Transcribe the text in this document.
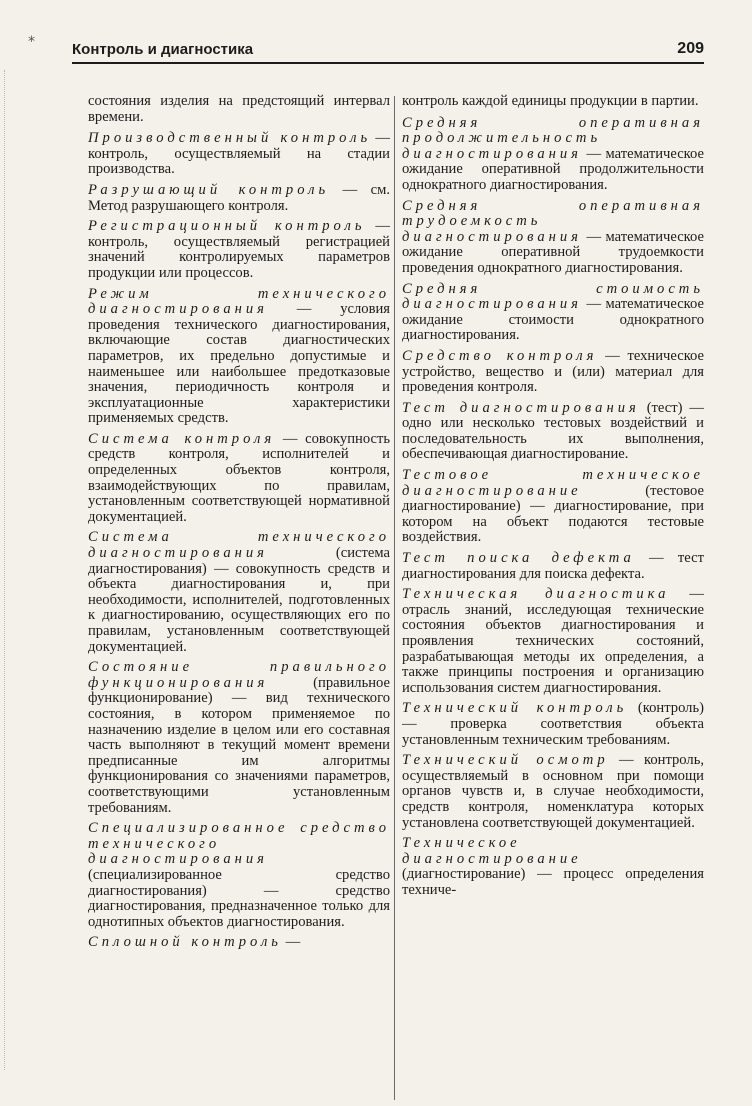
* Контроль и диагностика	209

состояния изделия на предстоящий интервал времени.

Производственный контроль — контроль, осуществляемый на стадии производства.

Разрушающий контроль — см. Метод разрушающего контроля.

Регистрационный контроль — контроль, осуществляемый регистрацией значений контролируемых параметров продукции или процессов.

Режим технического диагностирования — условия проведения технического диагностирования, включающие состав диагностических параметров, их предельно допустимые и наименьшее или наибольшее предотказовые значения, периодичность контроля и эксплуатационные характеристики применяемых средств.

Система контроля — совокупность средств контроля, исполнителей и определенных объектов контроля, взаимодействующих по правилам, установленным соответствующей нормативной документацией.

Система технического диагностирования (система диагностирования) — совокупность средств и объекта диагностирования и, при необходимости, исполнителей, подготовленных к диагностированию, осуществляющих его по правилам, установленным соответствующей документацией.

Состояние правильного функционирования (правильное функционирование) — вид технического состояния, в котором применяемое по назначению изделие в целом или его составная часть выполняют в текущий момент времени предписанные им алгоритмы функционирования со значениями параметров, соответствующими установленным требованиям.

Специализированное средство технического диагностирования (специализированное средство диагностирования) — средство диагностирования, предназначенное только для однотипных объектов диагностирования.

Сплошной контроль —

контроль каждой единицы продукции в партии.

Средняя оперативная продолжительность диагностирования — математическое ожидание оперативной продолжительности однократного диагностирования.

Средняя оперативная трудоемкость диагностирования — математическое ожидание оперативной трудоемкости проведения однократного диагностирования.

Средняя стоимость диагностирования — математическое ожидание стоимости однократного диагностирования.

Средство контроля — техническое устройство, вещество и (или) материал для проведения контроля.

Тест диагностирования (тест) — одно или несколько тестовых воздействий и последовательность их выполнения, обеспечивающая диагностирование.

Тестовое техническое диагностирование (тестовое диагностирование) — диагностирование, при котором на объект подаются тестовые воздействия.

Тест поиска дефекта — тест диагностирования для поиска дефекта.

Техническая диагностика — отрасль знаний, исследующая технические состояния объектов диагностирования и проявления технических состояний, разрабатывающая методы их определения, а также принципы построения и организацию использования систем диагностирования.

Технический контроль (контроль) — проверка соответствия объекта установленным техническим требованиям.

Технический осмотр — контроль, осуществляемый в основном при помощи органов чувств и, в случае необходимости, средств контроля, номенклатура которых установлена соответствующей документацией.

Техническое диагностирование (диагностирование) — процесс определения техниче-
